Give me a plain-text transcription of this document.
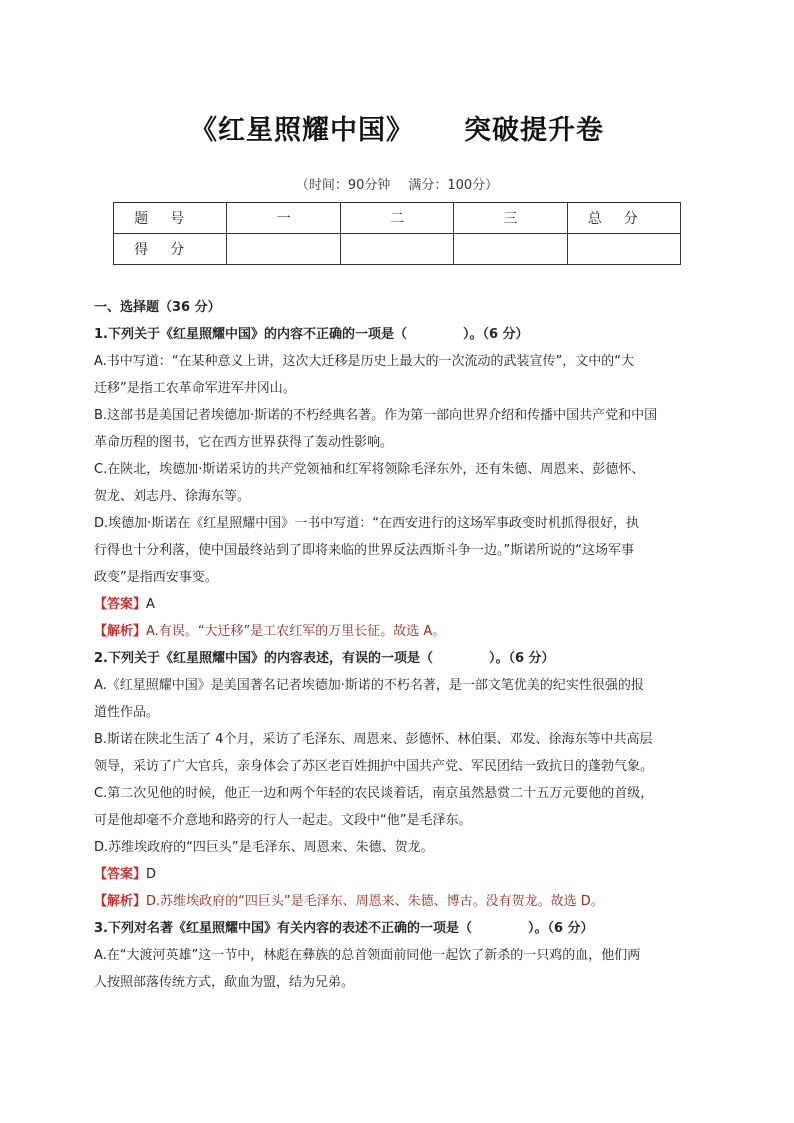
《红星照耀中国》 突破提升卷
（时间：90分钟 满分：100分）
题号	一	二	三	总分
得分				

一、选择题（36 分）

1.下列关于《红星照耀中国》的内容不正确的一项是（	）。（6 分）

A.书中写道：“在某种意义上讲，这次大迁移是历史上最大的一次流动的武装宣传”，文中的“大

迁移”是指工农革命军进军井冈山。

B.这部书是美国记者埃德加·斯诺的不朽经典名著。作为第一部向世界介绍和传播中国共产党和中国

革命历程的图书，它在西方世界获得了轰动性影响。

C.在陕北，埃德加·斯诺采访的共产党领袖和红军将领除毛泽东外，还有朱德、周恩来、彭德怀、

贺龙、刘志丹、徐海东等。

D.埃德加·斯诺在《红星照耀中国》一书中写道：“在西安进行的这场军事政变时机抓得很好，执

行得也十分利落，使中国最终站到了即将来临的世界反法西斯斗争一边。”斯诺所说的“这场军事

政变”是指西安事变。

【答案】A

【解析】A.有误。“大迁移”是工农红军的万里长征。故选 A。

2.下列关于《红星照耀中国》的内容表述，有误的一项是（	）。（6 分）

A.《红星照耀中国》是美国著名记者埃德加·斯诺的不朽名著，是一部文笔优美的纪实性很强的报

道性作品。

B.斯诺在陕北生活了 4个月，采访了毛泽东、周恩来、彭德怀、林伯渠、邓发、徐海东等中共高层

领导，采访了广大官兵，亲身体会了苏区老百姓拥护中国共产党、军民团结一致抗日的蓬勃气象。

C.第二次见他的时候，他正一边和两个年轻的农民谈着话，南京虽然悬赏二十五万元要他的首级，

可是他却毫不介意地和路旁的行人一起走。文段中“他”是毛泽东。

D.苏维埃政府的“四巨头”是毛泽东、周恩来、朱德、贺龙。

【答案】D

【解析】D.苏维埃政府的“四巨头”是毛泽东、周恩来、朱德、博古。没有贺龙。故选 D。

3.下列对名著《红星照耀中国》有关内容的表述不正确的一项是（	）。（6 分）

A.在“大渡河英雄”这一节中，林彪在彝族的总首领面前同他一起饮了新杀的一只鸡的血，他们两

人按照部落传统方式，歃血为盟，结为兄弟。
